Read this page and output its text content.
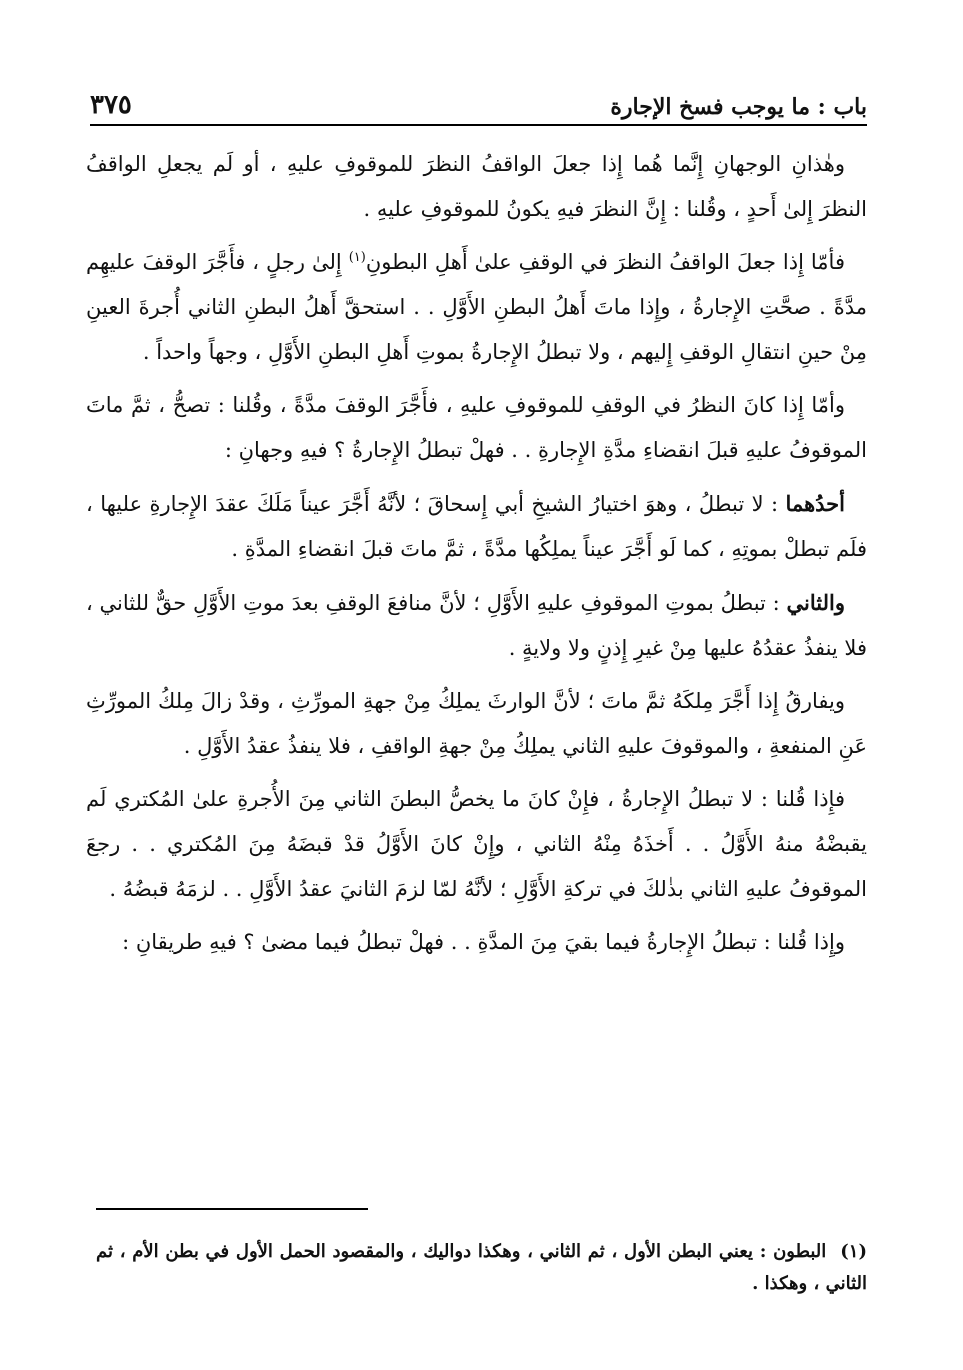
باب : ما يوجب فسخ الإجارة
٣٧٥

وهٰذانِ الوجهانِ إِنَّما هُما إِذا جعلَ الواقفُ النظرَ للموقوفِ عليهِ ، أو لَم يجعلِ الواقفُ النظرَ إِلىٰ أَحدٍ ، وقُلنا : إِنَّ النظرَ فيهِ يكونُ للموقوفِ عليهِ .

فأمّا إِذا جعلَ الواقفُ النظرَ في الوقفِ علىٰ أَهلِ البطونِ$^{(١)}$ إِلىٰ رجلٍ ، فأَجَّرَ الوقفَ عليهِم مدَّةً . صحَّتِ الإِجارةُ ، وإِذا ماتَ أَهلُ البطنِ الأَوَّلِ . . استحقَّ أَهلُ البطنِ الثاني أُجرةَ العينِ مِنْ حينِ انتقالِ الوقفِ إِليهم ، ولا تبطلُ الإِجارةُ بموتِ أَهلِ البطنِ الأَوَّلِ ، وجهاً واحداً .

وأمّا إِذا كانَ النظرُ في الوقفِ للموقوفِ عليهِ ، فأَجَّرَ الوقفَ مدَّةً ، وقُلنا : تصحُّ ، ثمَّ ماتَ الموقوفُ عليهِ قبلَ انقضاءِ مدَّةِ الإِجارةِ . . فهلْ تبطلُ الإِجارةُ ؟ فيهِ وجهانِ :

أحدُهما : لا تبطلُ ، وهوَ اختيارُ الشيخِ أبي إِسحاقَ ؛ لأنَّهُ أَجَّرَ عيناً مَلَكَ عقدَ الإِجارةِ عليها ، فلَم تبطلْ بموتِهِ ، كما لَو أَجَّرَ عيناً يملِكُها مدَّةً ، ثمَّ ماتَ قبلَ انقضاءِ المدَّةِ .

والثاني : تبطلُ بموتِ الموقوفِ عليهِ الأَوَّلِ ؛ لأنَّ منافعَ الوقفِ بعدَ موتِ الأَوَّلِ حقٌّ للثاني ، فلا ينفذُ عقدُهُ عليها مِنْ غيرِ إِذنٍ ولا ولايةٍ .

ويفارقُ إِذا أَجَّرَ مِلكَهُ ثمَّ ماتَ ؛ لأنَّ الوارثَ يملِكُ مِنْ جهةِ المورِّثِ ، وقدْ زالَ مِلكُ المورِّثِ عَنِ المنفعةِ ، والموقوفَ عليهِ الثاني يملِكُ مِنْ جهةِ الواقفِ ، فلا ينفذُ عقدُ الأَوَّلِ .

فإِذا قُلنا : لا تبطلُ الإِجارةُ ، فإِنْ كانَ ما يخصُّ البطنَ الثاني مِنَ الأُجرةِ علىٰ المُكتري لَم يقبضْهُ منهُ الأَوَّلُ . . أَخذَهُ مِنْهُ الثاني ، وإِنْ كانَ الأَوَّلُ قدْ قبضَهُ مِنَ المُكتري . . رجعَ الموقوفُ عليهِ الثاني بذٰلكَ في تركةِ الأَوَّلِ ؛ لأنَّهُ لمّا لزمَ الثانيَ عقدُ الأَوَّلِ . . لزمَهُ قبضُهُ .

وإِذا قُلنا : تبطلُ الإِجارةُ فيما بقيَ مِنَ المدَّةِ . . فهلْ تبطلُ فيما مضىٰ ؟ فيهِ طريقانِ :

(١)البطون : يعني البطن الأول ، ثم الثاني ، وهكذا دواليك ، والمقصود الحمل الأول في بطن الأم ، ثم الثاني ، وهكذا .
